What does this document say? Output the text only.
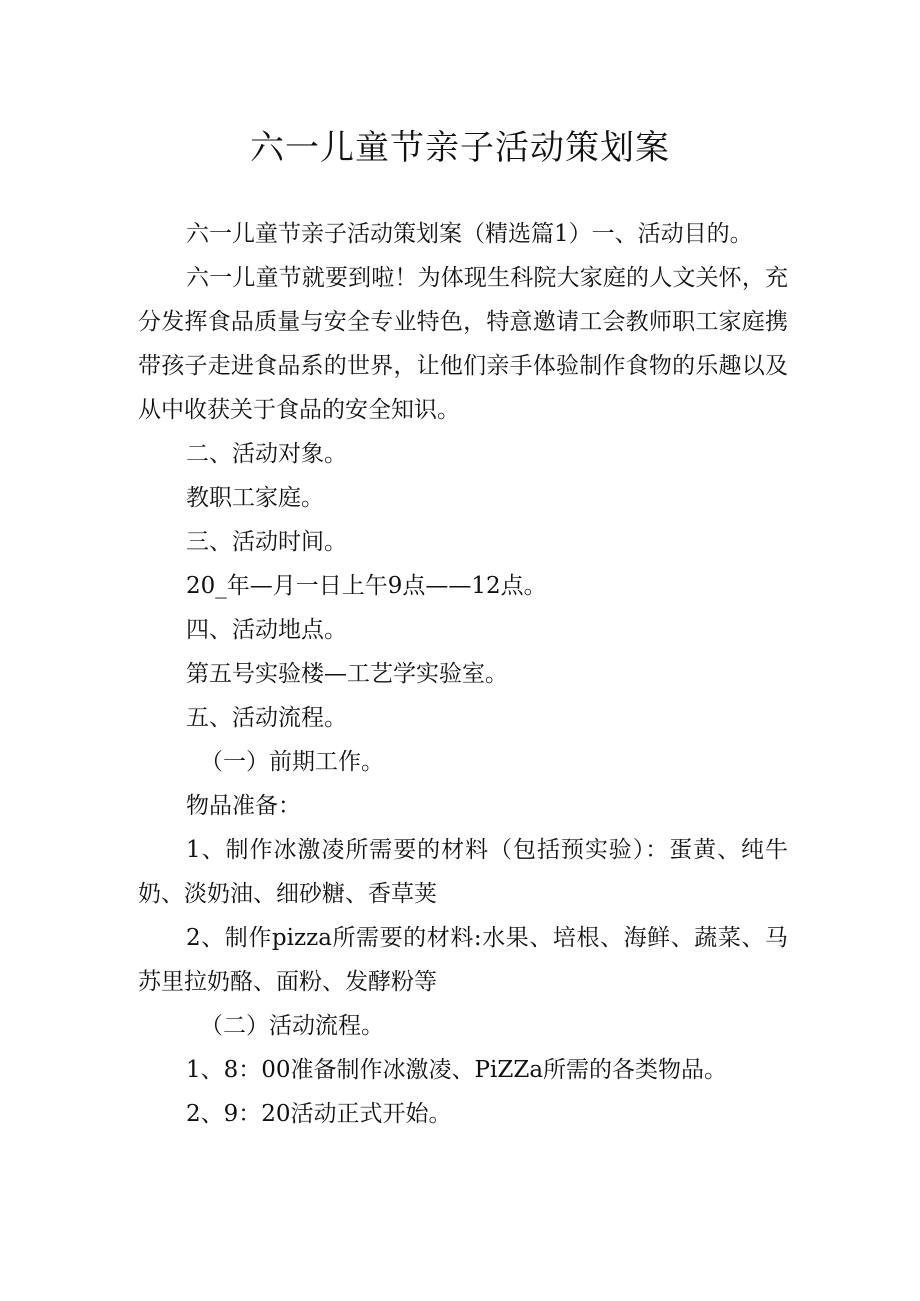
六一儿童节亲子活动策划案

六一儿童节亲子活动策划案（精选篇1）一、活动目的。

六一儿童节就要到啦！为体现生科院大家庭的人文关怀，充分发挥食品质量与安全专业特色，特意邀请工会教师职工家庭携带孩子走进食品系的世界，让他们亲手体验制作食物的乐趣以及从中收获关于食品的安全知识。

二、活动对象。

教职工家庭。

三、活动时间。

20_年—月一日上午9点——12点。

四、活动地点。

第五号实验楼—工艺学实验室。

五、活动流程。

（一）前期工作。

物品准备：

1、制作冰激凌所需要的材料（包括预实验）：蛋黄、纯牛奶、淡奶油、细砂糖、香草荚

2、制作pizza所需要的材料:水果、培根、海鲜、蔬菜、马苏里拉奶酪、面粉、发酵粉等

（二）活动流程。

1、8：00准备制作冰激凌、PiZZa所需的各类物品。

2、9：20活动正式开始。
